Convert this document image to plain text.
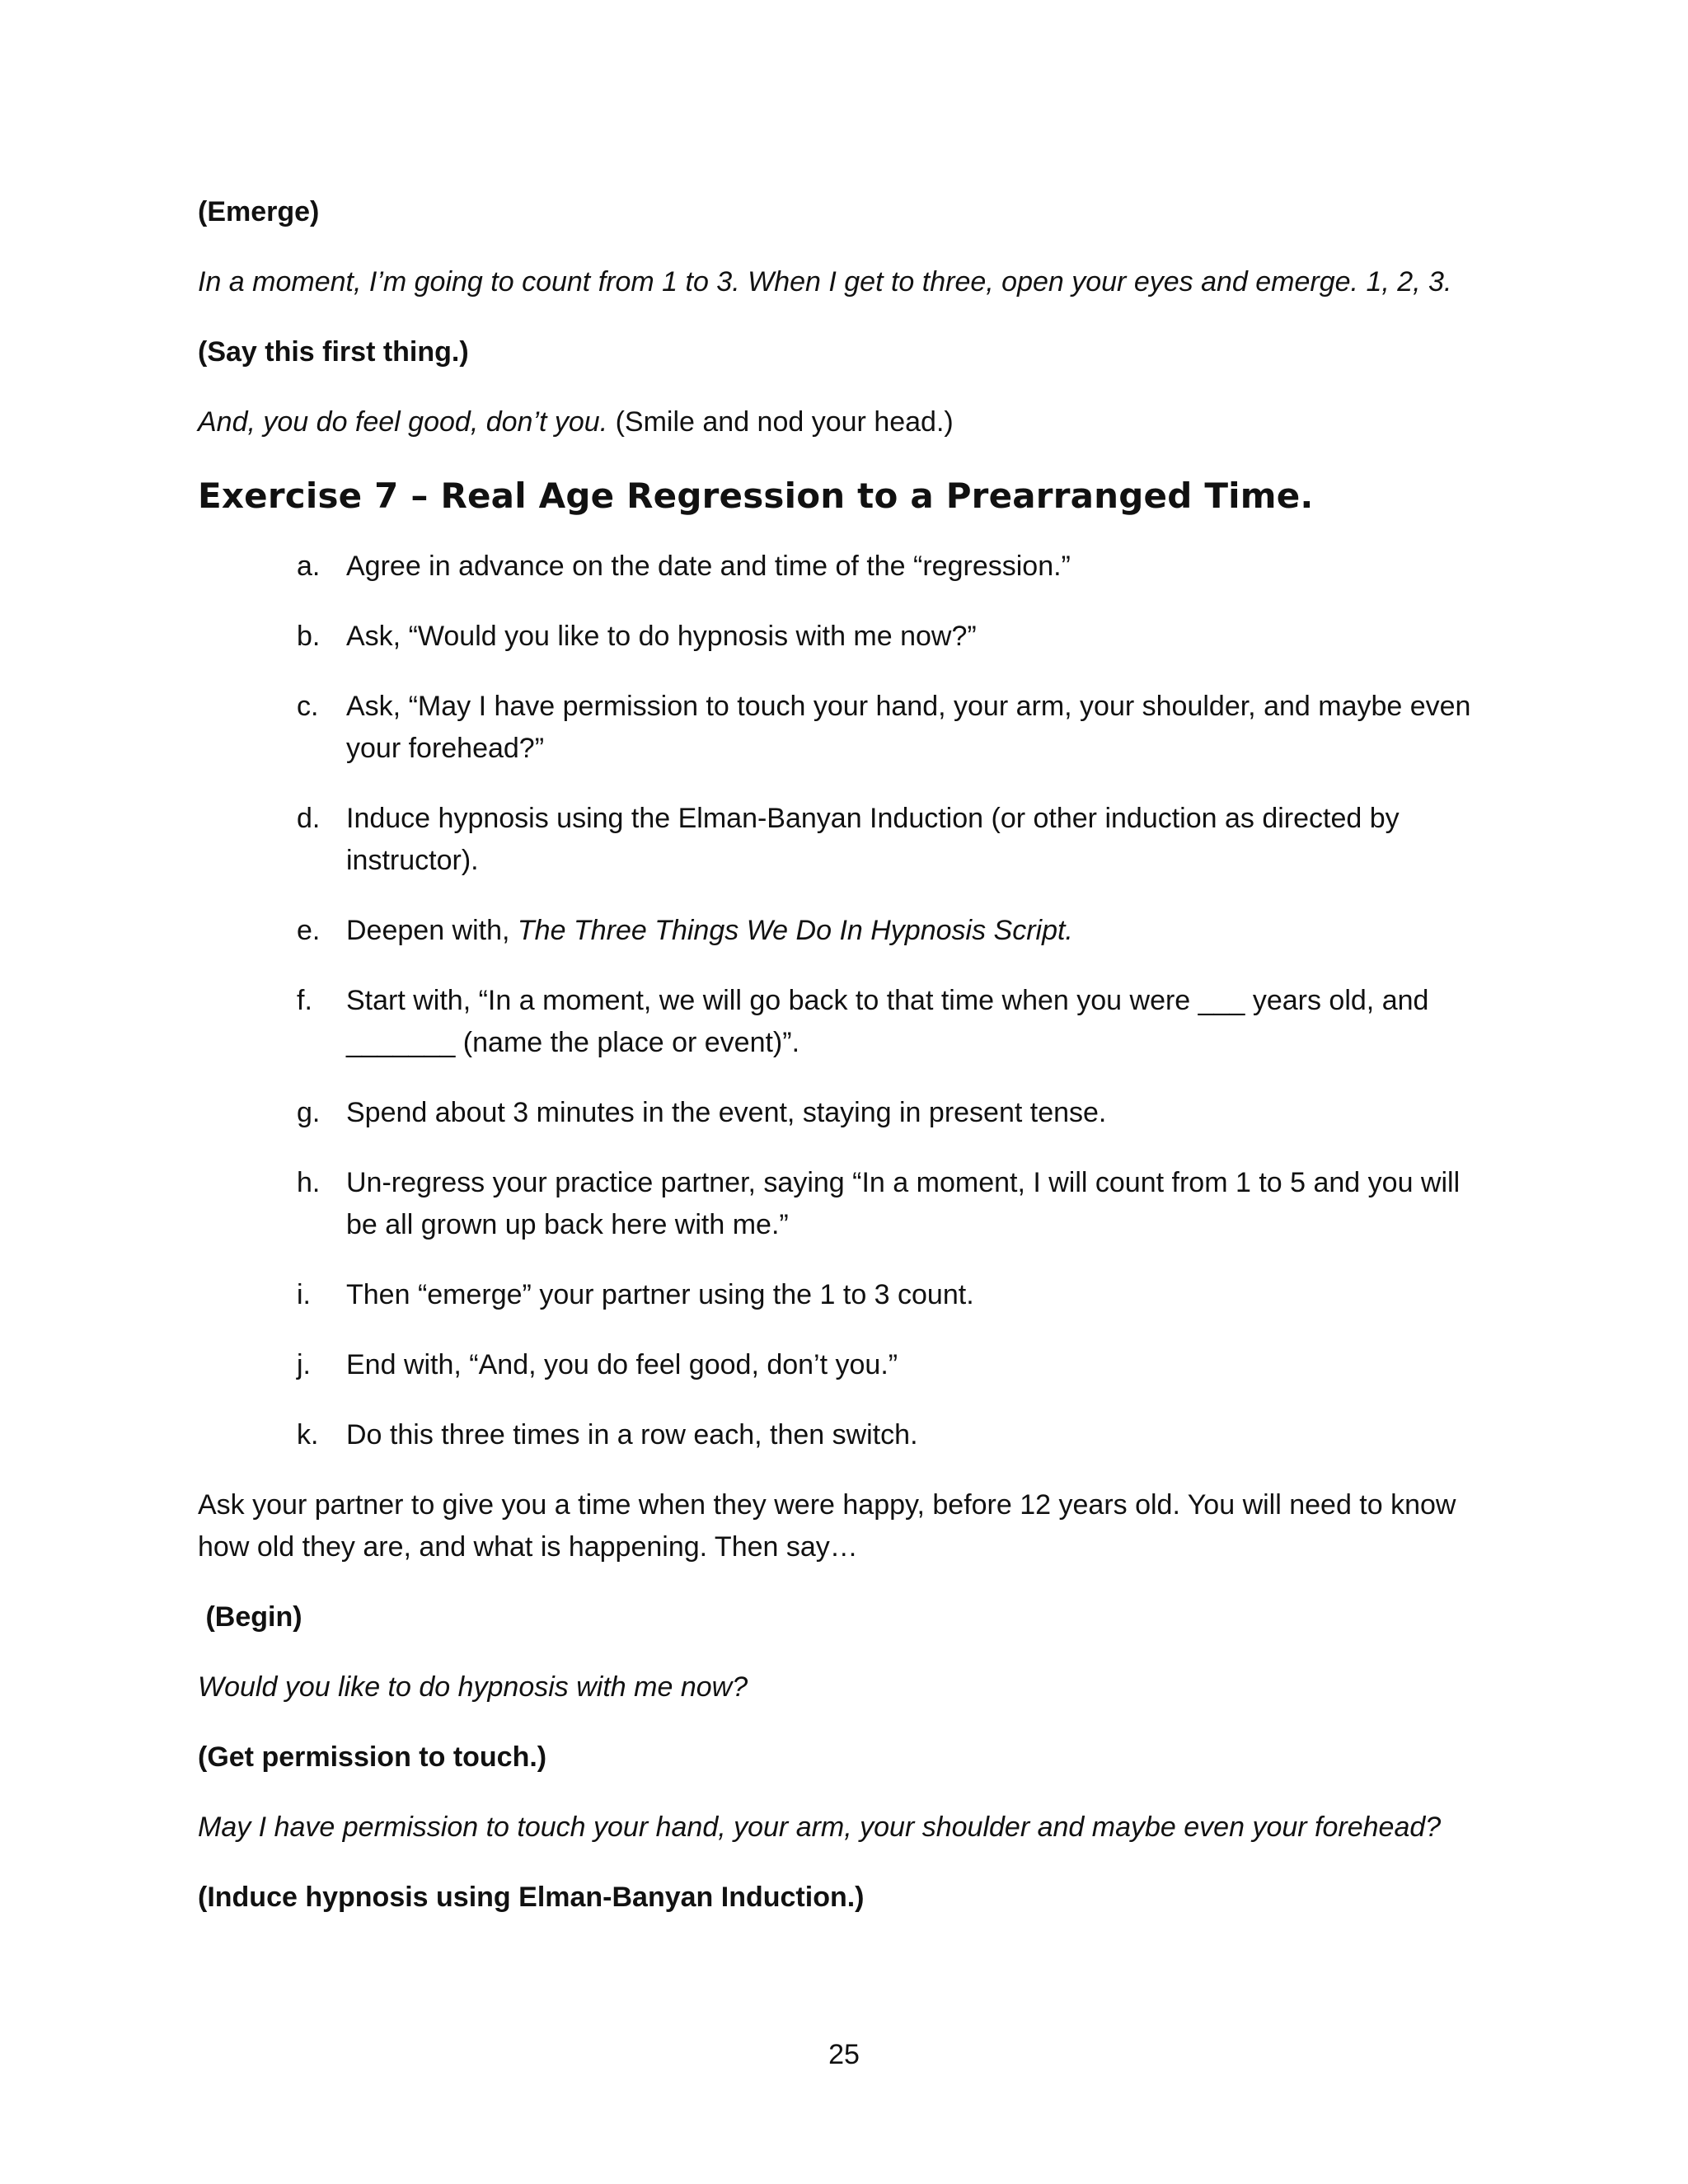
(Emerge)

In a moment, I’m going to count from 1 to 3. When I get to three, open your eyes and emerge. 1, 2, 3.

(Say this first thing.)

And, you do feel good, don’t you. (Smile and nod your head.)

Exercise 7 – Real Age Regression to a Prearranged Time.
a. Agree in advance on the date and time of the “regression.”
b. Ask, “Would you like to do hypnosis with me now?”
c. Ask, “May I have permission to touch your hand, your arm, your shoulder, and maybe even your forehead?”
d. Induce hypnosis using the Elman-Banyan Induction (or other induction as directed by instructor).
e. Deepen with, The Three Things We Do In Hypnosis Script.
f. Start with, “In a moment, we will go back to that time when you were ___ years old, and _______ (name the place or event)”.
g. Spend about 3 minutes in the event, staying in present tense.
h. Un-regress your practice partner, saying “In a moment, I will count from 1 to 5 and you will be all grown up back here with me.”
i. Then “emerge” your partner using the 1 to 3 count.
j. End with, “And, you do feel good, don’t you.”
k. Do this three times in a row each, then switch.

Ask your partner to give you a time when they were happy, before 12 years old. You will need to know how old they are, and what is happening. Then say…

(Begin)

Would you like to do hypnosis with me now?

(Get permission to touch.)

May I have permission to touch your hand, your arm, your shoulder and maybe even your forehead?

(Induce hypnosis using Elman-Banyan Induction.)

25
